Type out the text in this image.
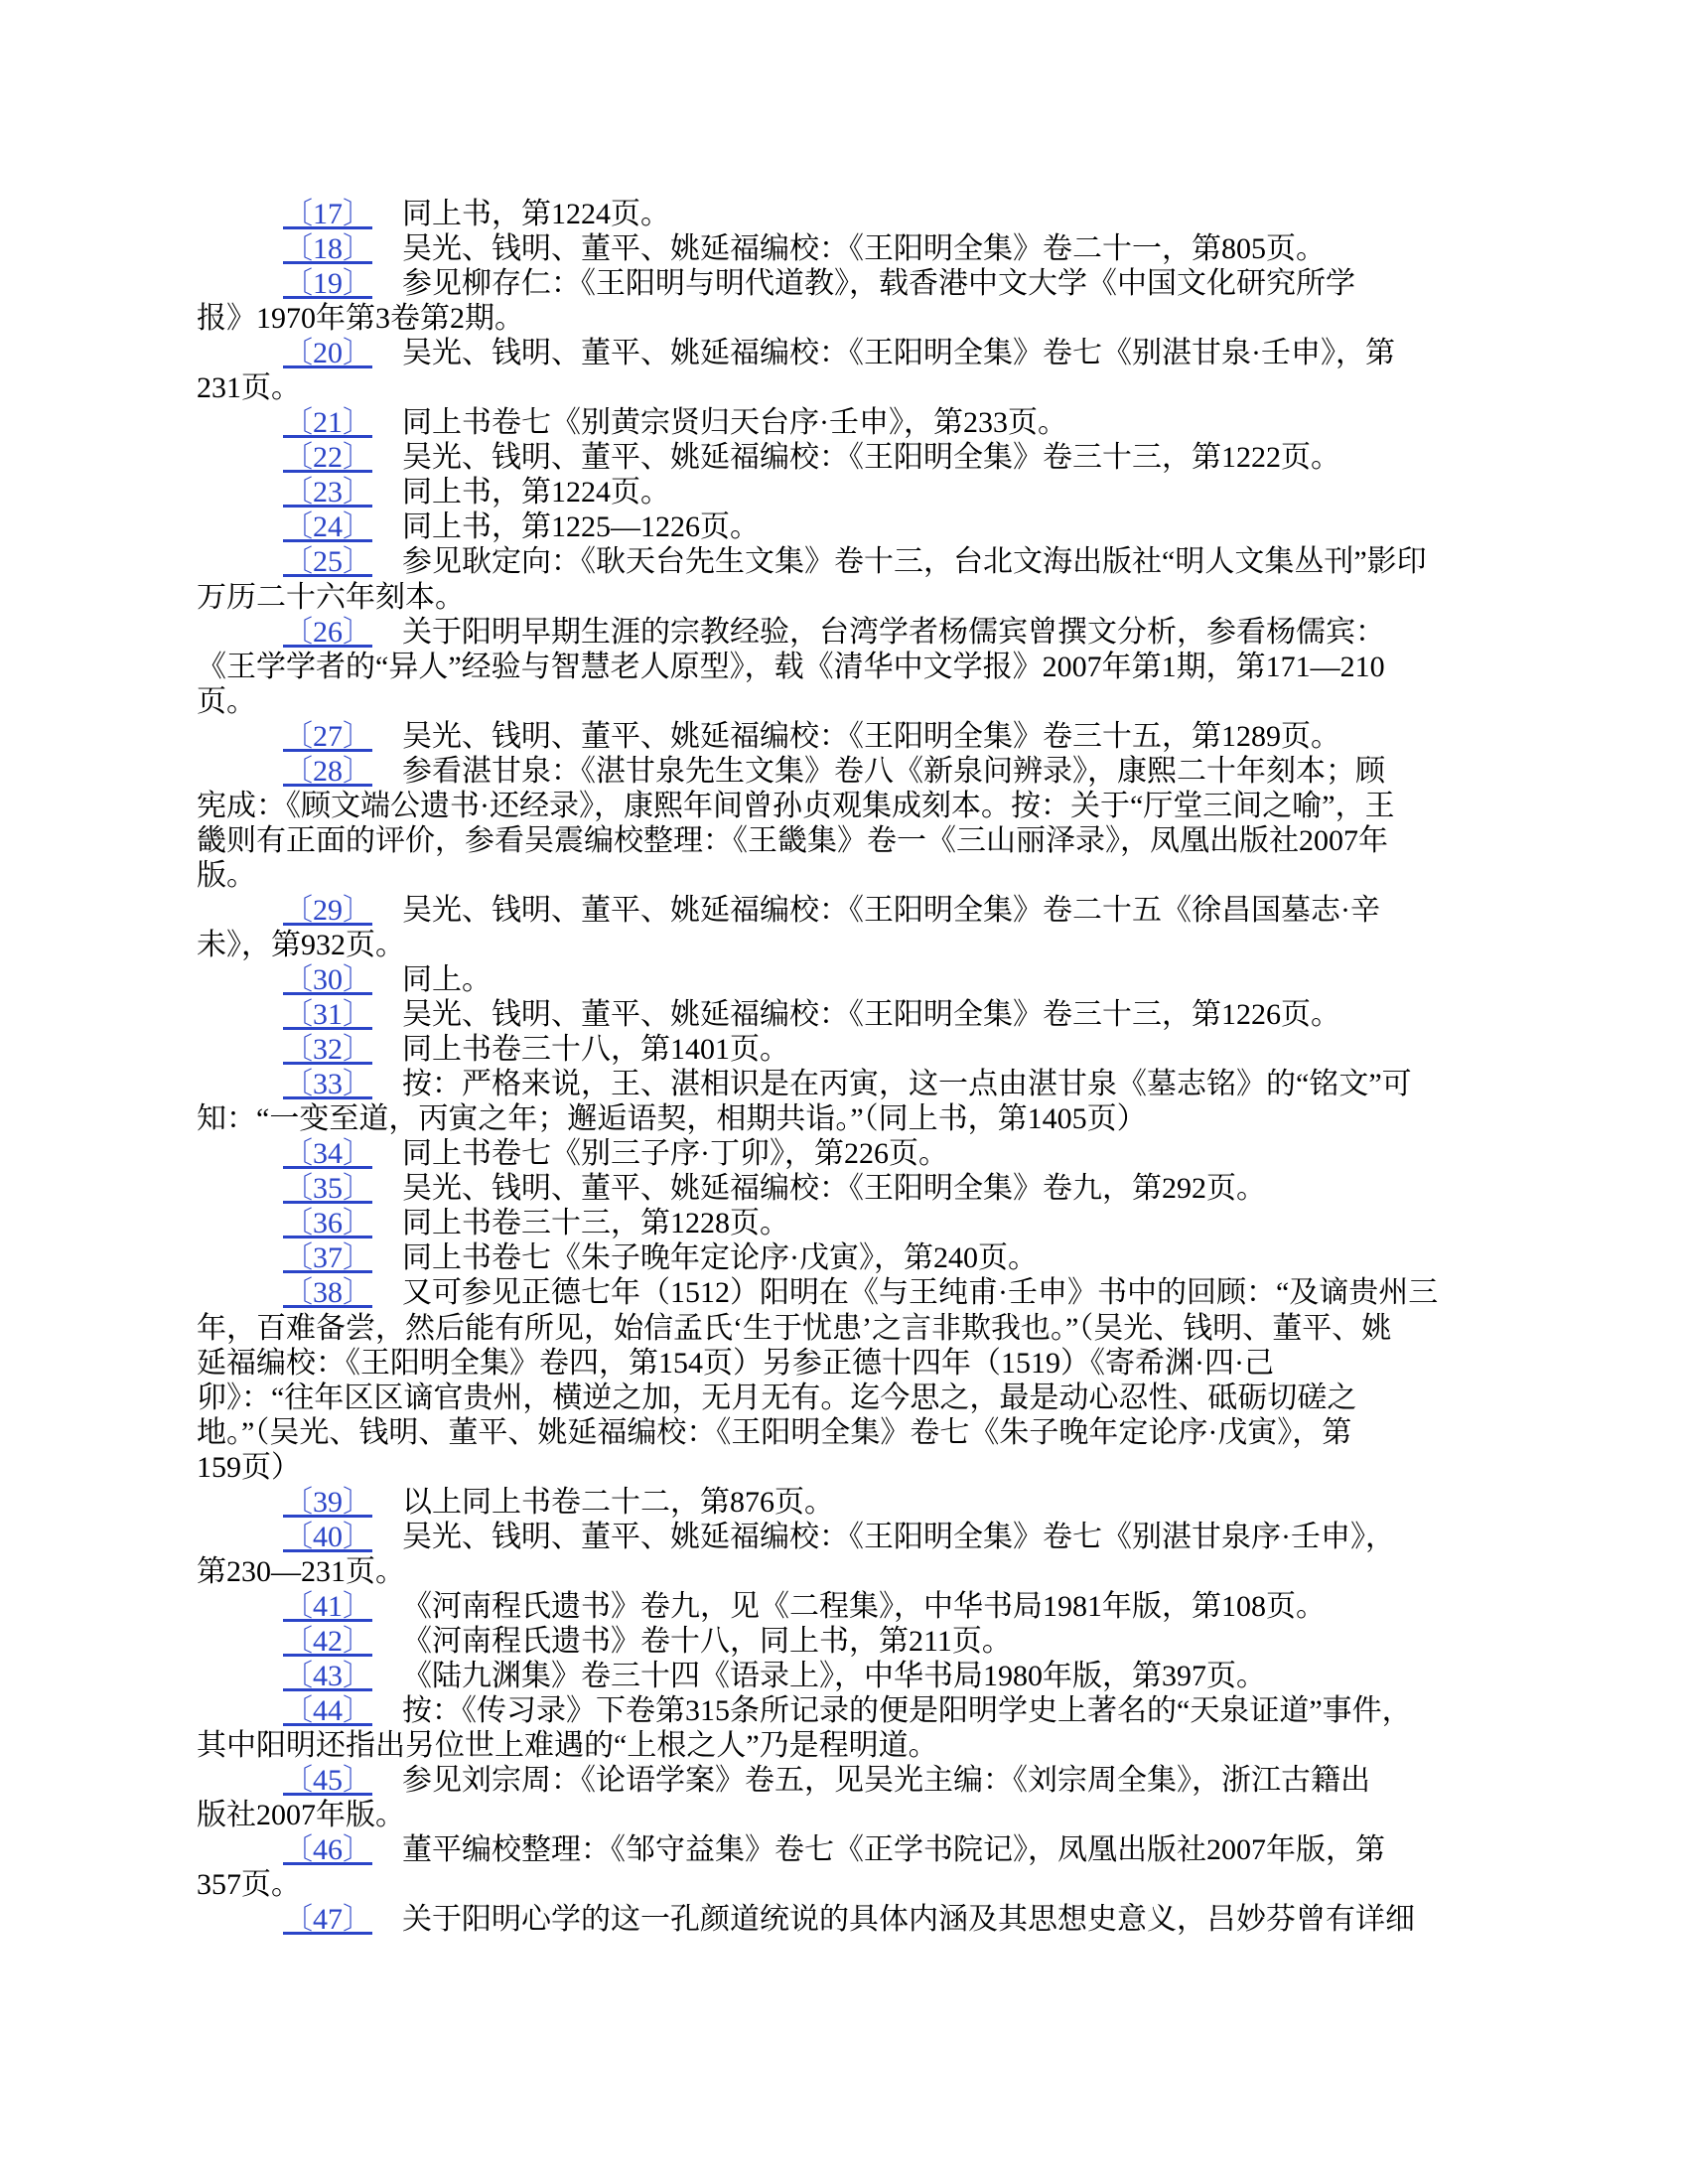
〔17〕 同上书，第1224页。
〔18〕 吴光、钱明、董平、姚延福编校：《王阳明全集》卷二十一，第805页。
〔19〕 参见柳存仁：《王阳明与明代道教》，载香港中文大学《中国文化研究所学
报》1970年第3卷第2期。
〔20〕 吴光、钱明、董平、姚延福编校：《王阳明全集》卷七《别湛甘泉·壬申》，第
231页。
〔21〕 同上书卷七《别黄宗贤归天台序·壬申》，第233页。
〔22〕 吴光、钱明、董平、姚延福编校：《王阳明全集》卷三十三，第1222页。
〔23〕 同上书，第1224页。
〔24〕 同上书，第1225—1226页。
〔25〕 参见耿定向：《耿天台先生文集》卷十三，台北文海出版社“明人文集丛刊”影印
万历二十六年刻本。
〔26〕 关于阳明早期生涯的宗教经验，台湾学者杨儒宾曾撰文分析，参看杨儒宾：
《王学学者的“异人”经验与智慧老人原型》，载《清华中文学报》2007年第1期，第171—210
页。
〔27〕 吴光、钱明、董平、姚延福编校：《王阳明全集》卷三十五，第1289页。
〔28〕 参看湛甘泉：《湛甘泉先生文集》卷八《新泉问辨录》，康熙二十年刻本；顾
宪成：《顾文端公遗书·还经录》，康熙年间曾孙贞观集成刻本。按：关于“厅堂三间之喻”，王
畿则有正面的评价，参看吴震编校整理：《王畿集》卷一《三山丽泽录》，凤凰出版社2007年
版。
〔29〕 吴光、钱明、董平、姚延福编校：《王阳明全集》卷二十五《徐昌国墓志·辛
未》，第932页。
〔30〕 同上。
〔31〕 吴光、钱明、董平、姚延福编校：《王阳明全集》卷三十三，第1226页。
〔32〕 同上书卷三十八，第1401页。
〔33〕 按：严格来说，王、湛相识是在丙寅，这一点由湛甘泉《墓志铭》的“铭文”可
知：“一变至道，丙寅之年；邂逅语契，相期共诣。”（同上书，第1405页）
〔34〕 同上书卷七《别三子序·丁卯》，第226页。
〔35〕 吴光、钱明、董平、姚延福编校：《王阳明全集》卷九，第292页。
〔36〕 同上书卷三十三，第1228页。
〔37〕 同上书卷七《朱子晚年定论序·戊寅》，第240页。
〔38〕 又可参见正德七年（1512）阳明在《与王纯甫·壬申》书中的回顾：“及谪贵州三
年，百难备尝，然后能有所见，始信孟氏‘生于忧患’之言非欺我也。”（吴光、钱明、董平、姚
延福编校：《王阳明全集》卷四，第154页）另参正德十四年（1519）《寄希渊·四·己
卯》：“往年区区谪官贵州，横逆之加，无月无有。迄今思之，最是动心忍性、砥砺切磋之
地。”（吴光、钱明、董平、姚延福编校：《王阳明全集》卷七《朱子晚年定论序·戊寅》，第
159页）
〔39〕 以上同上书卷二十二，第876页。
〔40〕 吴光、钱明、董平、姚延福编校：《王阳明全集》卷七《别湛甘泉序·壬申》，
第230—231页。
〔41〕 《河南程氏遗书》卷九，见《二程集》，中华书局1981年版，第108页。
〔42〕 《河南程氏遗书》卷十八，同上书，第211页。
〔43〕 《陆九渊集》卷三十四《语录上》，中华书局1980年版，第397页。
〔44〕 按：《传习录》下卷第315条所记录的便是阳明学史上著名的“天泉证道”事件，
其中阳明还指出另位世上难遇的“上根之人”乃是程明道。
〔45〕 参见刘宗周：《论语学案》卷五，见吴光主编：《刘宗周全集》，浙江古籍出
版社2007年版。
〔46〕 董平编校整理：《邹守益集》卷七《正学书院记》，凤凰出版社2007年版，第
357页。
〔47〕 关于阳明心学的这一孔颜道统说的具体内涵及其思想史意义，吕妙芬曾有详细
